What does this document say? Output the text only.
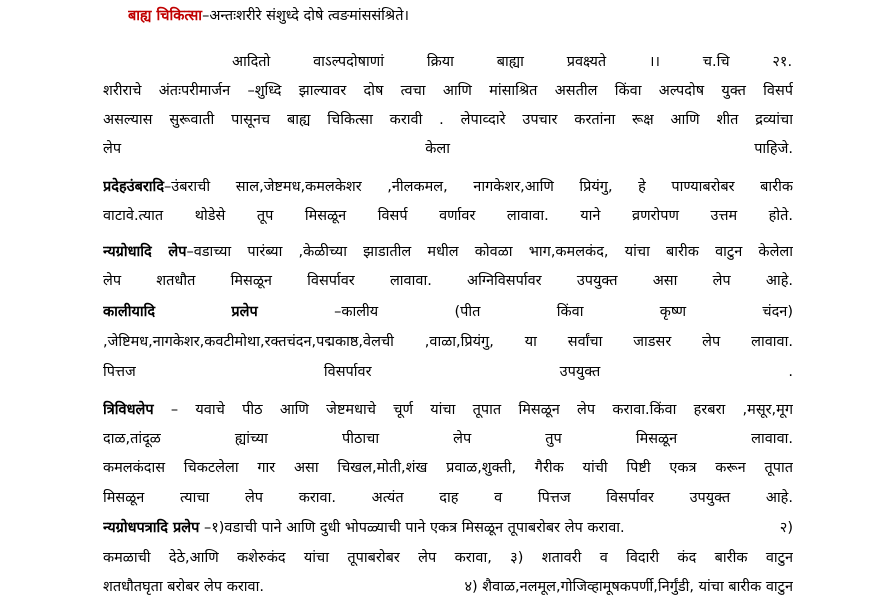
बाह्य चिकित्सा–अन्तःशरीरे संशुध्दे दोषे त्वङमांससंश्रिते।
आदितो	वाऽल्पदोषाणां	क्रिया	बाह्या	प्रवक्ष्यते	।।	च.चि	२१.
शरीराचे अंतःपरीमार्जन –शुध्दि झाल्यावर दोष त्वचा आणि मांसाश्रित असतील किंवा अल्पदोष युक्त विसर्प
असल्यास सुरूवाती पासूनच बाह्य चिकित्सा करावी . लेपाव्दारे उपचार करतांना रूक्ष आणि शीत द्रव्यांचा
लेप	केला	पाहिजे.
प्रदेहउंबरादि–उंबराची साल,जेष्टमध,कमलकेशर ,नीलकमल, नागकेशर,आणि प्रियंगु, हे पाण्याबरोबर बारीक
वाटावे.त्यात थोडेसे तूप मिसळून विसर्प वर्णावर लावावा. याने व्रणरोपण उत्तम होते.
न्यग्रोधादि लेप–वडाच्या पारंब्या ,केळीच्या झाडातील मधील कोवळा भाग,कमलकंद, यांचा बारीक वाटुन केलेला
लेप शतधौत मिसळून विसर्पावर लावावा. अग्निविसर्पावर उपयुक्त असा लेप आहे.
कालीयादि	प्रलेप	–कालीय	(पीत	किंवा	कृष्ण	चंदन)
,जेष्टिमध,नागकेशर,कवटीमोथा,रक्तचंदन,पद्मकाष्ठ,वेलची ,वाळा,प्रियंगु, या सर्वांचा जाडसर लेप लावावा.
पित्तज	विसर्पावर	उपयुक्त	.
त्रिविधलेप – यवाचे पीठ आणि जेष्टमधाचे चूर्ण यांचा तूपात मिसळून लेप करावा.किंवा हरबरा ,मसूर,मूग
दाळ,तांदूळ ह्यांच्या पीठाचा लेप तुप मिसळून लावावा.
कमलकंदास चिकटलेला गार असा चिखल,मोती,शंख प्रवाळ,शुक्ती, गैरीक यांची पिष्टी एकत्र करून तूपात
मिसळून त्याचा लेप करावा. अत्यंत दाह व पित्तज विसर्पावर उपयुक्त आहे.
न्यग्रोधपत्रादि प्रलेप –१)वडाची पाने आणि दुधी भोपळ्याची पाने एकत्र मिसळून तूपाबरोबर लेप करावा.	२)
कमळाची देठे,आणि कशेरुकंद यांचा तूपाबरोबर लेप करावा, ३) शतावरी व विदारी कंद बारीक वाटुन
शतधौतघृता बरोबर लेप करावा.	४) शैवाळ,नलमूल,गोजिव्हामूषकपर्णी,निर्गुंडी, यांचा बारीक वाटुन
